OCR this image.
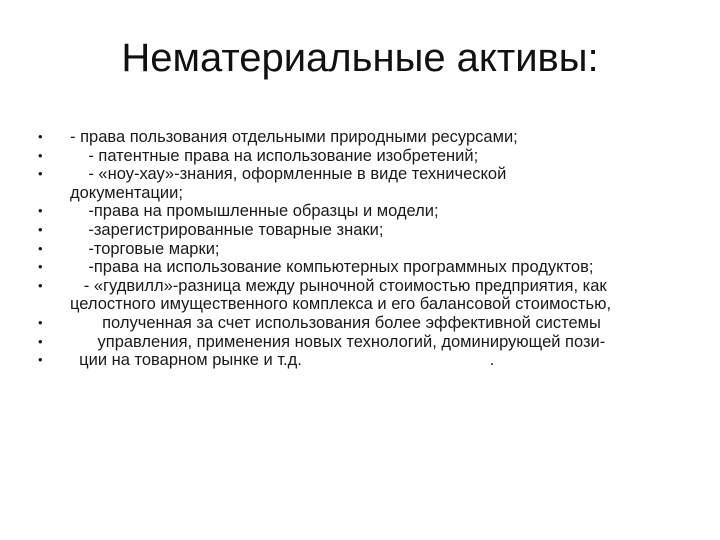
Нематериальные активы:
•	- права пользования отдельными природными ресурсами;
•	- патентные права на использование изобретений;
•	- «ноу-хау»-знания, оформленные в виде технической
документации;
•	-права на промышленные образцы и модели;
•	-зарегистрированные товарные знаки;
•	-торговые марки;
•	-права на использование компьютерных программных продуктов;
•	- «гудвилл»-разница между рыночной стоимостью предприятия, как
целостного имущественного комплекса и его балансовой стоимостью,
•	полученная за счет использования более эффективной системы
•	управления, применения новых технологий, доминирующей пози-
•	ции на товарном рынке и т.д.                                         .
